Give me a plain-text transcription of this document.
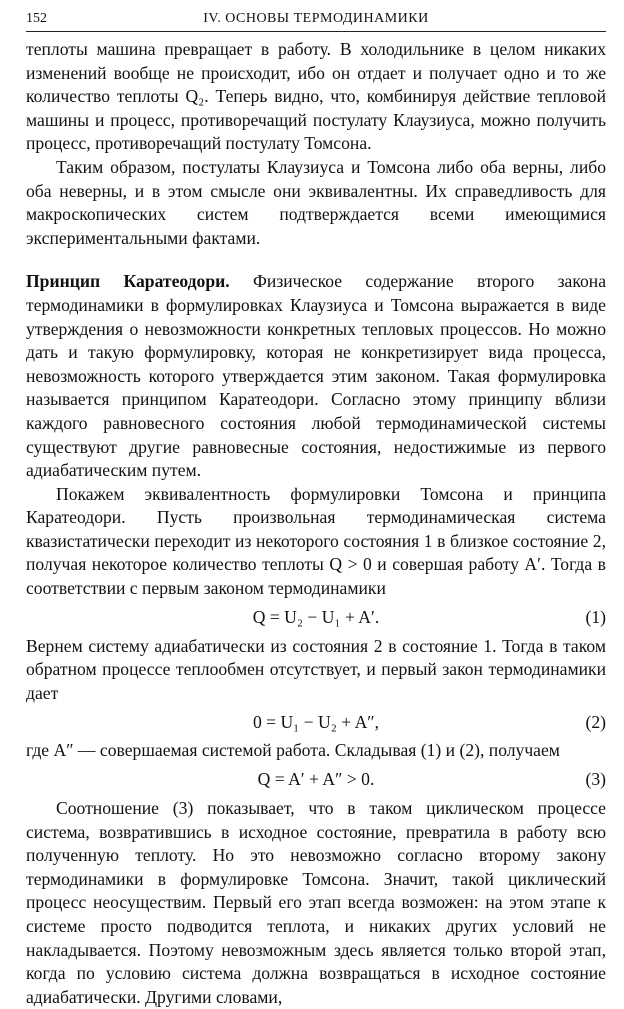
152	IV. ОСНОВЫ ТЕРМОДИНАМИКИ

теплоты машина превращает в работу. В холодильнике в целом никаких изменений вообще не происходит, ибо он отдает и получает одно и то же количество теплоты Q₂. Теперь видно, что, комбинируя действие тепловой машины и процесс, противоречащий постулату Клаузиуса, можно получить процесс, противоречащий постулату Томсона.

Таким образом, постулаты Клаузиуса и Томсона либо оба верны, либо оба неверны, и в этом смысле они эквивалентны. Их справедливость для макроскопических систем подтверждается всеми имеющимися экспериментальными фактами.

Принцип Каратеодори. Физическое содержание второго закона термодинамики в формулировках Клаузиуса и Томсона выражается в виде утверждения о невозможности конкретных тепловых процессов. Но можно дать и такую формулировку, которая не конкретизирует вида процесса, невозможность которого утверждается этим законом. Такая формулировка называется принципом Каратеодори. Согласно этому принципу вблизи каждого равновесного состояния любой термодинамической системы существуют другие равновесные состояния, недостижимые из первого адиабатическим путем.

Покажем эквивалентность формулировки Томсона и принципа Каратеодори. Пусть произвольная термодинамическая система квазистатически переходит из некоторого состояния 1 в близкое состояние 2, получая некоторое количество теплоты Q > 0 и совершая работу A′. Тогда в соответствии с первым законом термодинамики

Q = U₂ − U₁ + A′.	(1)

Вернем систему адиабатически из состояния 2 в состояние 1. Тогда в таком обратном процессе теплообмен отсутствует, и первый закон термодинамики дает

0 = U₁ − U₂ + A″,	(2)

где A″ — совершаемая системой работа. Складывая (1) и (2), получаем

Q = A′ + A″ > 0.	(3)

Соотношение (3) показывает, что в таком циклическом процессе система, возвратившись в исходное состояние, превратила в работу всю полученную теплоту. Но это невозможно согласно второму закону термодинамики в формулировке Томсона. Значит, такой циклический процесс неосуществим. Первый его этап всегда возможен: на этом этапе к системе просто подводится теплота, и никаких других условий не накладывается. Поэтому невозможным здесь является только второй этап, когда по условию система должна возвращаться в исходное состояние адиабатически. Другими словами,
